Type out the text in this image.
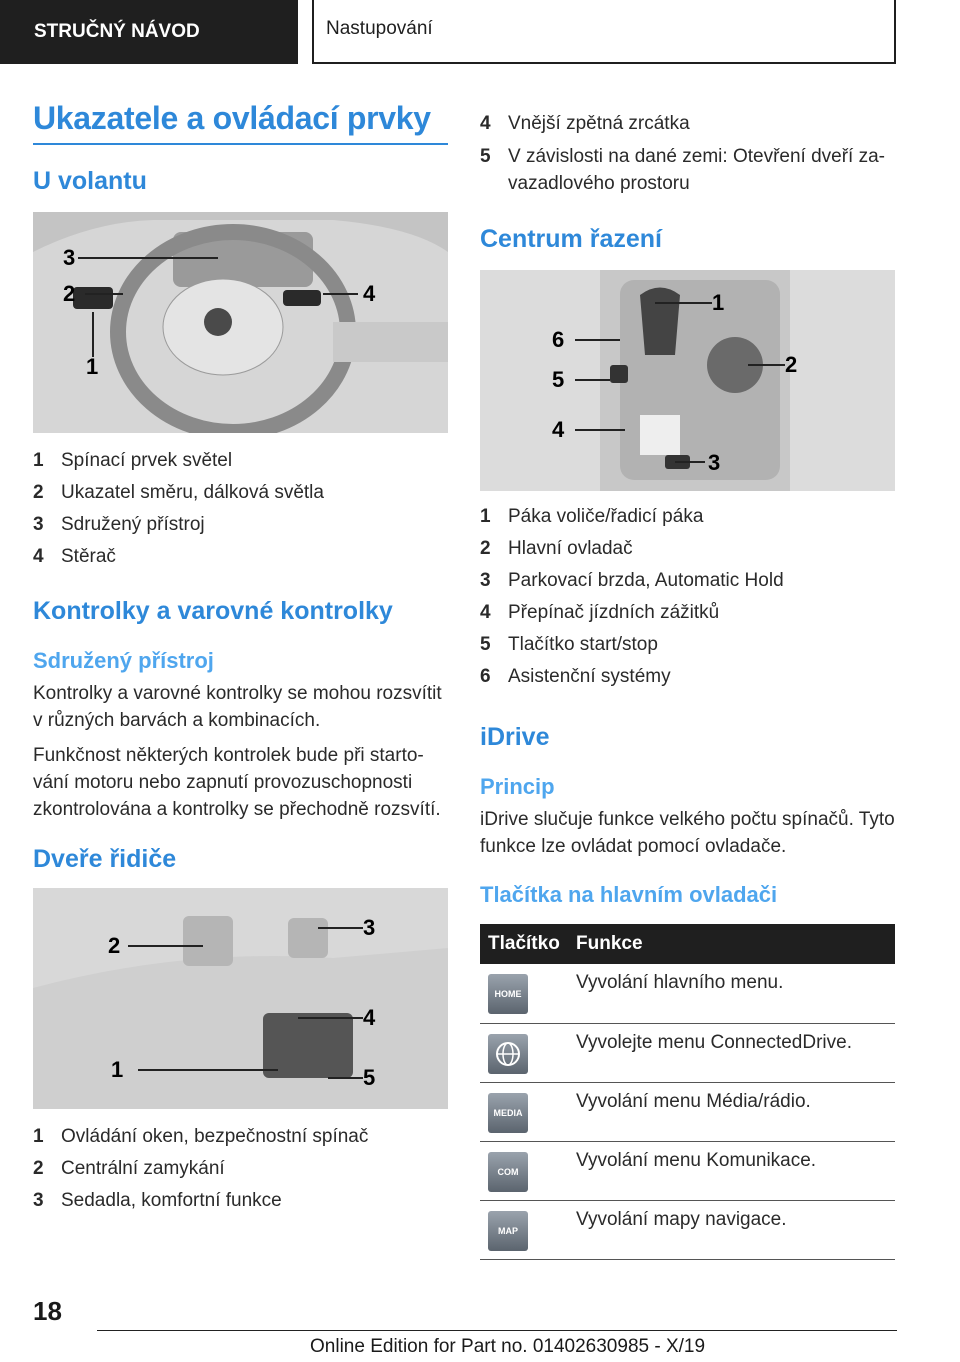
STRUČNÝ NÁVOD	Nastupování
Ukazatele a ovládací prvky
U volantu
3
2	4
1
1 Spínací prvek světel
2 Ukazatel směru, dálková světla
3 Sdružený přístroj
4 Stěrač
Kontrolky a varovné kontrolky
Sdružený přístroj

Kontrolky a varovné kontrolky se mohou rozsvítit v různých barvách a kombinacích.

Funkčnost některých kontrolek bude při starto-vání motoru nebo zapnutí provozuschopnosti zkontrolována a kontrolky se přechodně rozsvítí.

Dveře řidiče
2
3
4
1	5
1 Ovládání oken, bezpečnostní spínač
2 Centrální zamykání
3 Sedadla, komfortní funkce
4 Vnější zpětná zrcátka
5 V závislosti na dané zemi: Otevření dveří za-vazadlového prostoru
Centrum řazení
1
6
2
5
4
3
1 Páka voliče/řadicí páka
2 Hlavní ovladač
3 Parkovací brzda, Automatic Hold
4 Přepínač jízdních zážitků
5 Tlačítko start/stop
6 Asistenční systémy
iDrive
Princip

iDrive slučuje funkce velkého počtu spínačů. Tyto funkce lze ovládat pomocí ovladače.

Tlačítka na hlavním ovladači
Tlačítko	Funkce

HOME	Vyvolání hlavního menu.

	Vyvolejte menu ConnectedDrive.

MEDIA	Vyvolání menu Média/rádio.

COM	Vyvolání menu Komunikace.

MAP	Vyvolání mapy navigace.
18
Online Edition for Part no. 01402630985 - X/19
